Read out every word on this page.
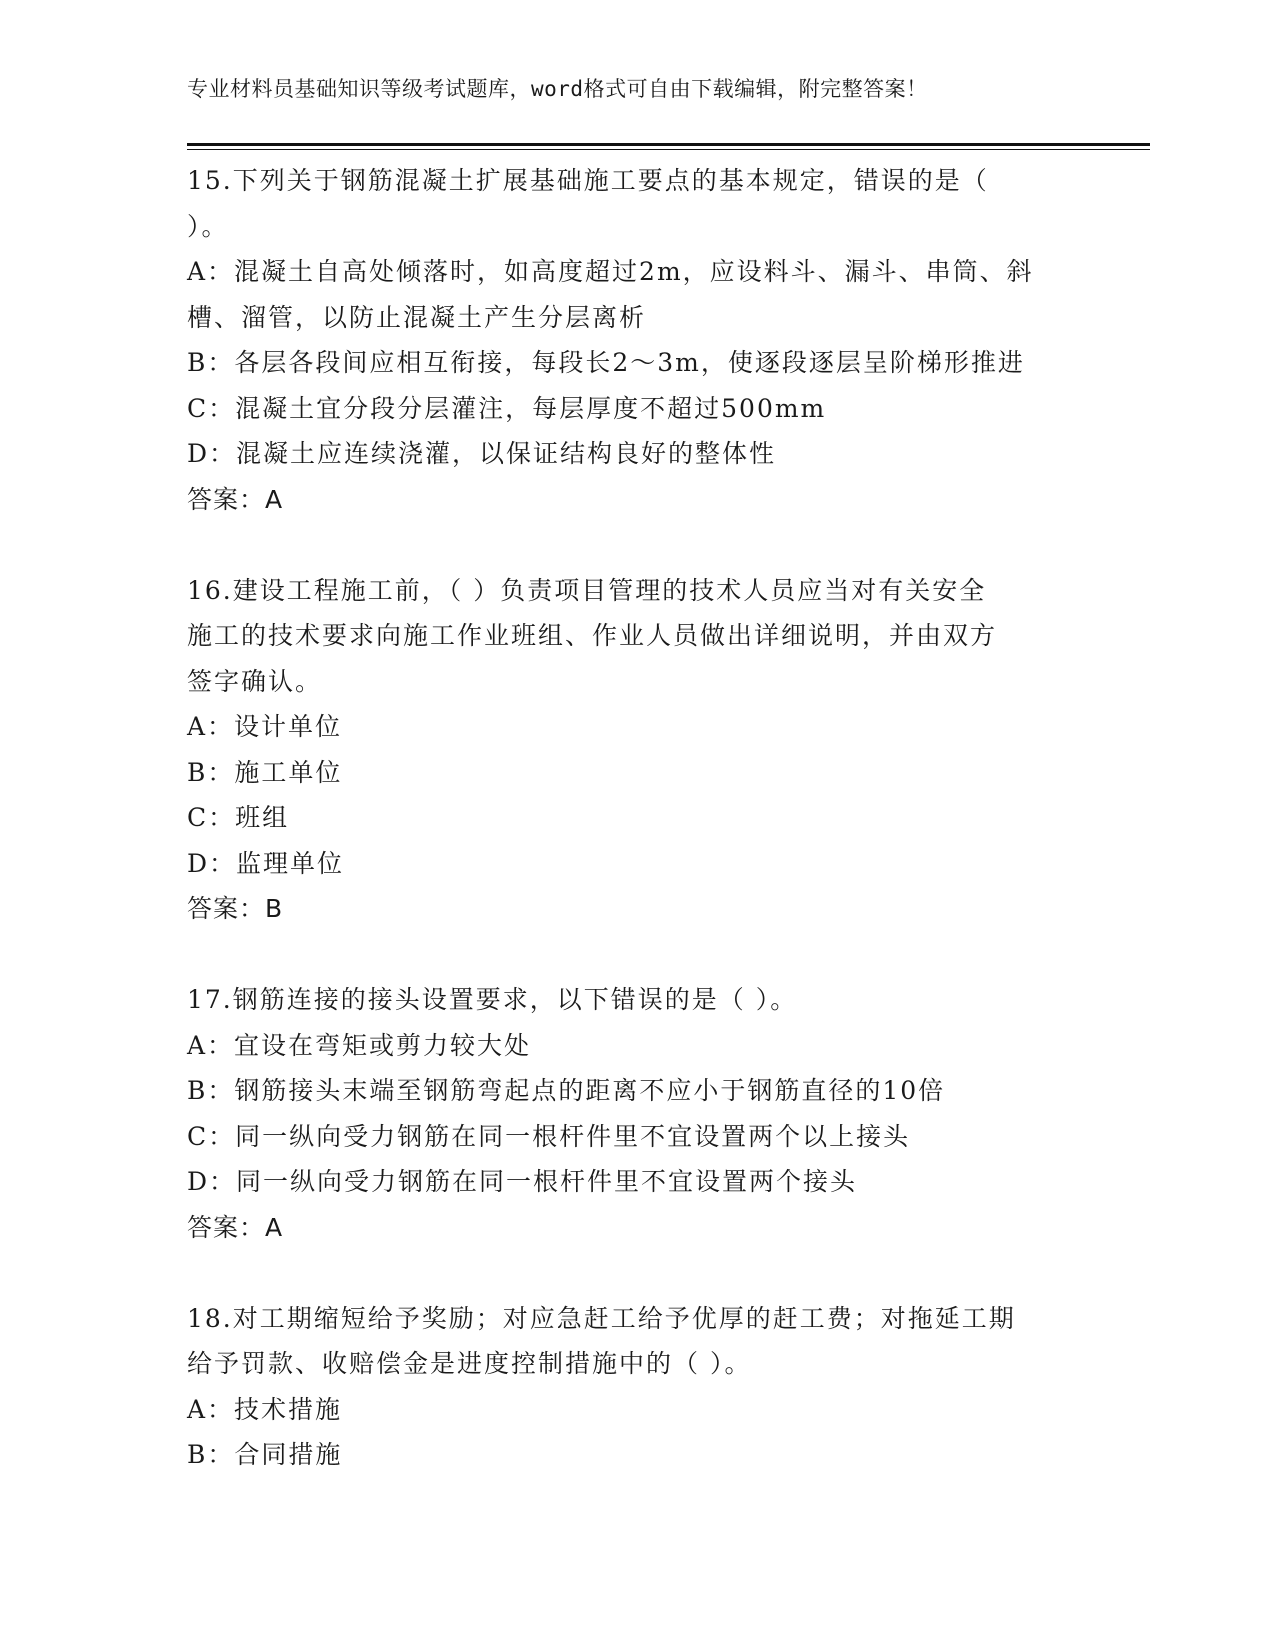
专业材料员基础知识等级考试题库，word格式可自由下载编辑，附完整答案！
15.下列关于钢筋混凝土扩展基础施工要点的基本规定，错误的是（
）。
A：混凝土自高处倾落时，如高度超过2m，应设料斗、漏斗、串筒、斜
槽、溜管，以防止混凝土产生分层离析
B：各层各段间应相互衔接，每段长2～3m，使逐段逐层呈阶梯形推进
C：混凝土宜分段分层灌注，每层厚度不超过500mm
D：混凝土应连续浇灌，以保证结构良好的整体性
答案：A
16.建设工程施工前，（ ）负责项目管理的技术人员应当对有关安全
施工的技术要求向施工作业班组、作业人员做出详细说明，并由双方
签字确认。
A：设计单位
B：施工单位
C：班组
D：监理单位
答案：B
17.钢筋连接的接头设置要求，以下错误的是（ ）。
A：宜设在弯矩或剪力较大处
B：钢筋接头末端至钢筋弯起点的距离不应小于钢筋直径的10倍
C：同一纵向受力钢筋在同一根杆件里不宜设置两个以上接头
D：同一纵向受力钢筋在同一根杆件里不宜设置两个接头
答案：A
18.对工期缩短给予奖励；对应急赶工给予优厚的赶工费；对拖延工期
给予罚款、收赔偿金是进度控制措施中的（ ）。
A：技术措施
B：合同措施
